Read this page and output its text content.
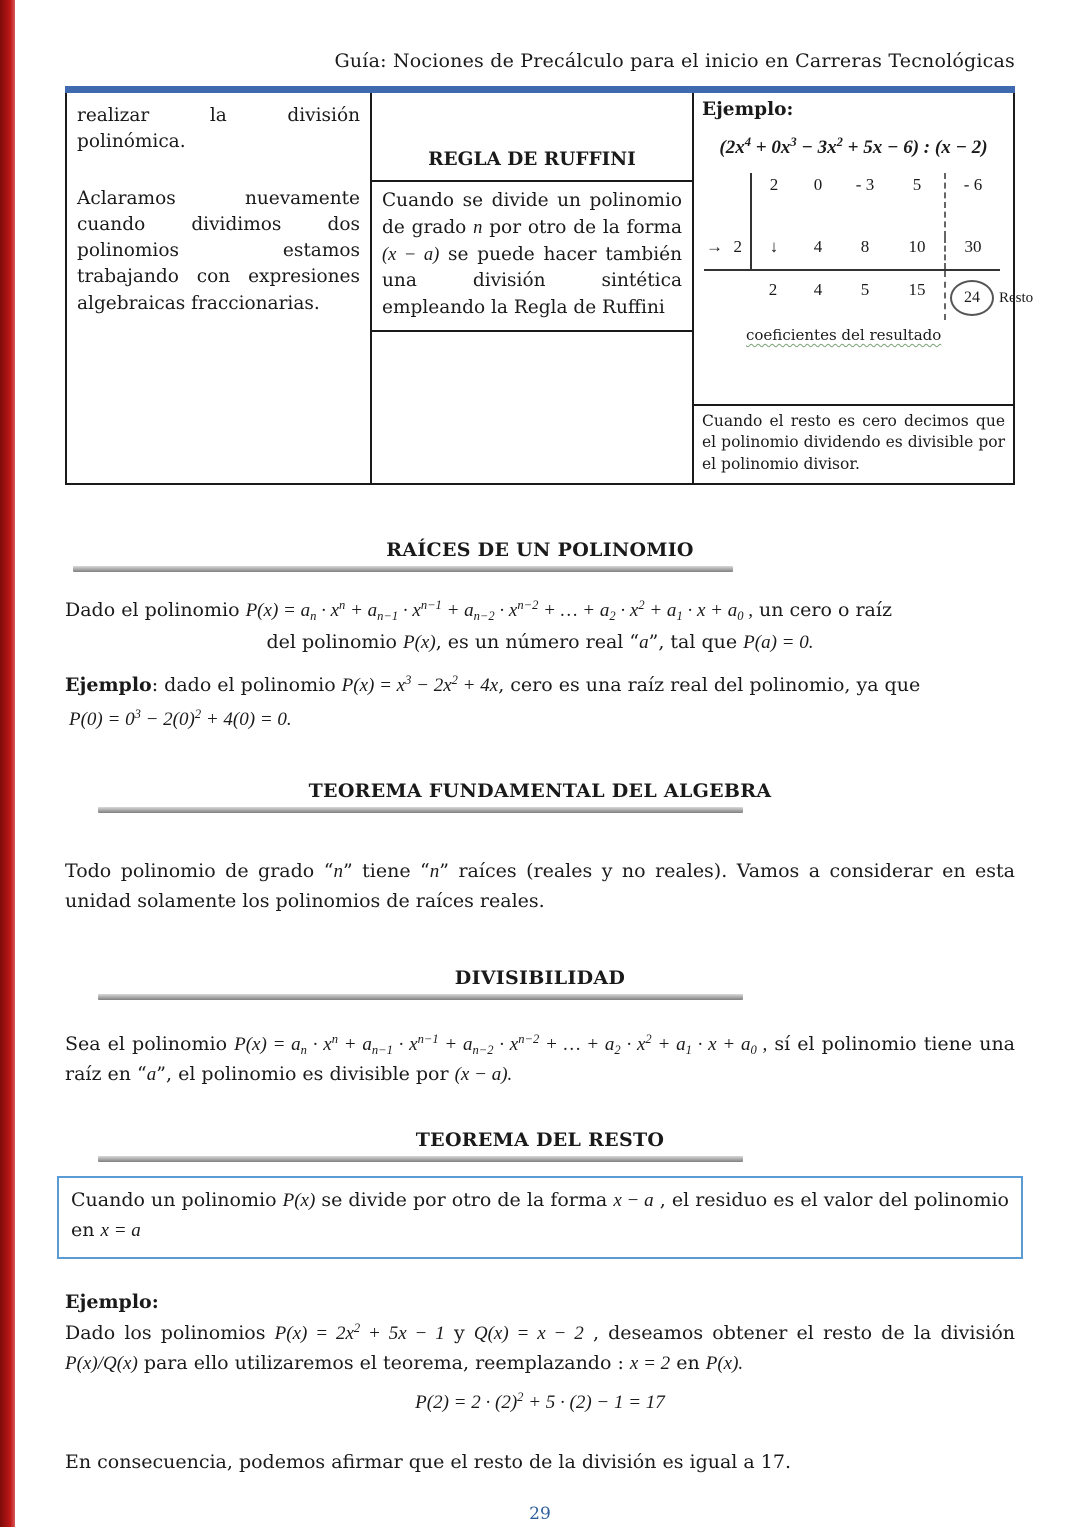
Guía: Nociones de Precálculo para el inicio en Carreras Tecnológicas

realizar la división polinómica.

Aclaramos nuevamente cuando dividimos dos polinomios estamos trabajando con expresiones algebraicas fraccionarias.

REGLA DE RUFFINI
Cuando se divide un polinomio de grado n por otro de la forma (x − a) se puede hacer también una división sintética empleando la Regla de Ruffini
Ejemplo:
$(2x^4 + 0x^3 - 3x^2 + 5x - 6)$ : (x − 2)
2	0	- 3	5	- 6
→ 2	↓	4	8	10	30
2	4	5	15	24	Resto
coeficientes del resultado
Cuando el resto es cero decimos que el polinomio dividendo es divisible por el polinomio divisor.
RAÍCES DE UN POLINOMIO

Dado el polinomio $P(x) = a_n \cdot x^n + a_{n-1} \cdot x^{n-1} + a_{n-2} \cdot x^{n-2}$ + … + $a_2 \cdot x^2 + a_1 \cdot x + a_0$ , un cero o raíz

del polinomio P(x), es un número real “a”, tal que P(a) = 0.

Ejemplo: dado el polinomio $P(x) = x^3 - 2x^2 + 4x$, cero es una raíz real del polinomio, ya que

$P(0) = 0^3 - 2(0)^2 + 4(0) = 0$.

TEOREMA FUNDAMENTAL DEL ALGEBRA

Todo polinomio de grado “n” tiene “n” raíces (reales y no reales). Vamos a considerar en esta unidad solamente los polinomios de raíces reales.

DIVISIBILIDAD

Sea el polinomio $P(x) = a_n \cdot x^n + a_{n-1} \cdot x^{n-1} + a_{n-2} \cdot x^{n-2}$ + … + $a_2 \cdot x^2 + a_1 \cdot x + a_0$ , sí el polinomio tiene una raíz en “a”, el polinomio es divisible por (x − a).

TEOREMA DEL RESTO

Cuando un polinomio P(x) se divide por otro de la forma x − a , el residuo es el valor del polinomio en x = a

Ejemplo:

Dado los polinomios $P(x) = 2x^2 + 5x - 1$ y Q(x) = x − 2 , deseamos obtener el resto de la división P(x)/Q(x) para ello utilizaremos el teorema, reemplazando : x = 2 en P(x).

$P(2) = 2 \cdot (2)^2 + 5 \cdot (2) - 1 = 17$

En consecuencia, podemos afirmar que el resto de la división es igual a 17.

29
